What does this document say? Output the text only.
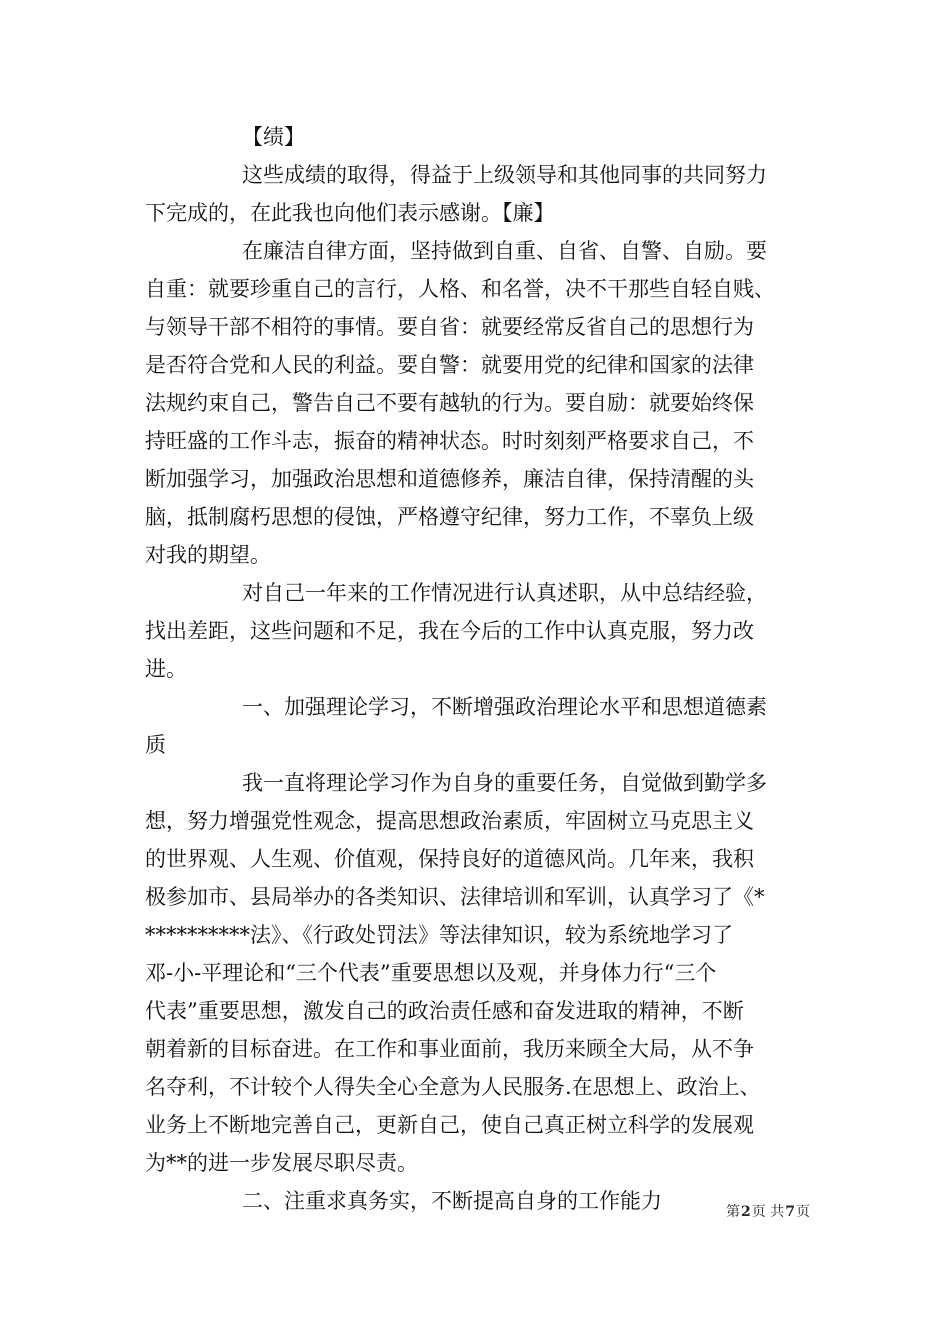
【绩】
这些成绩的取得，得益于上级领导和其他同事的共同努力
下完成的，在此我也向他们表示感谢。【廉】
在廉洁自律方面，坚持做到自重、自省、自警、自励。要
自重：就要珍重自己的言行，人格、和名誉，决不干那些自轻自贱、
与领导干部不相符的事情。要自省：就要经常反省自己的思想行为
是否符合党和人民的利益。要自警：就要用党的纪律和国家的法律
法规约束自己，警告自己不要有越轨的行为。要自励：就要始终保
持旺盛的工作斗志，振奋的精神状态。时时刻刻严格要求自己，不
断加强学习，加强政治思想和道德修养，廉洁自律，保持清醒的头
脑，抵制腐朽思想的侵蚀，严格遵守纪律，努力工作，不辜负上级
对我的期望。
对自己一年来的工作情况进行认真述职，从中总结经验，
找出差距，这些问题和不足，我在今后的工作中认真克服，努力改
进。
一、加强理论学习，不断增强政治理论水平和思想道德素
质
我一直将理论学习作为自身的重要任务，自觉做到勤学多
想，努力增强党性观念，提高思想政治素质，牢固树立马克思主义
的世界观、人生观、价值观，保持良好的道德风尚。几年来，我积
极参加市、县局举办的各类知识、法律培训和军训，认真学习了《*
**********法》、《行政处罚法》等法律知识，较为系统地学习了
邓-小-平理论和“三个代表”重要思想以及观，并身体力行“三个
代表”重要思想，激发自己的政治责任感和奋发进取的精神，不断
朝着新的目标奋进。在工作和事业面前，我历来顾全大局，从不争
名夺利，不计较个人得失全心全意为人民服务.在思想上、政治上、
业务上不断地完善自己，更新自己，使自己真正树立科学的发展观
为**的进一步发展尽职尽责。
二、注重求真务实，不断提高自身的工作能力	第2页 共7页
